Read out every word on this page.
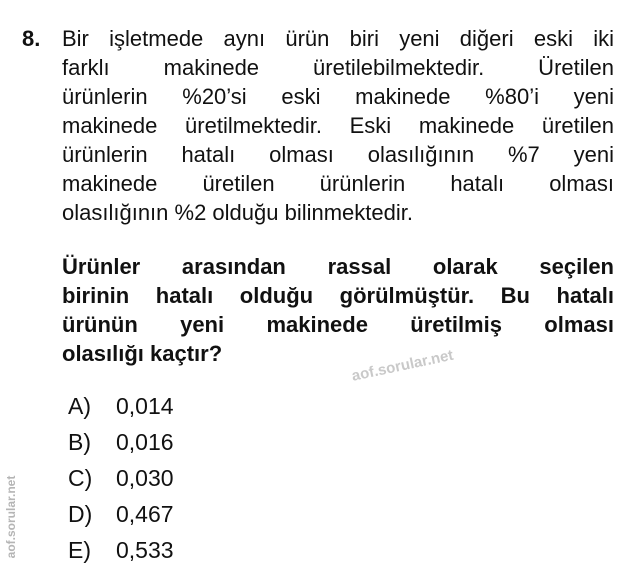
8. Bir işletmede aynı ürün biri yeni diğeri eski iki
farklı makinede üretilebilmektedir. Üretilen
ürünlerin %20’si eski makinede %80’i yeni
makinede üretilmektedir. Eski makinede üretilen
ürünlerin hatalı olması olasılığının %7 yeni
makinede üretilen ürünlerin hatalı olması
olasılığının %2 olduğu bilinmektedir.
Ürünler arasından rassal olarak seçilen
birinin hatalı olduğu görülmüştür. Bu hatalı
ürünün yeni makinede üretilmiş olması
olasılığı kaçtır?
A)	0,014
B)	0,016
C)	0,030
D)	0,467
E)	0,533
aof.sorular.net
aof.sorular.net
